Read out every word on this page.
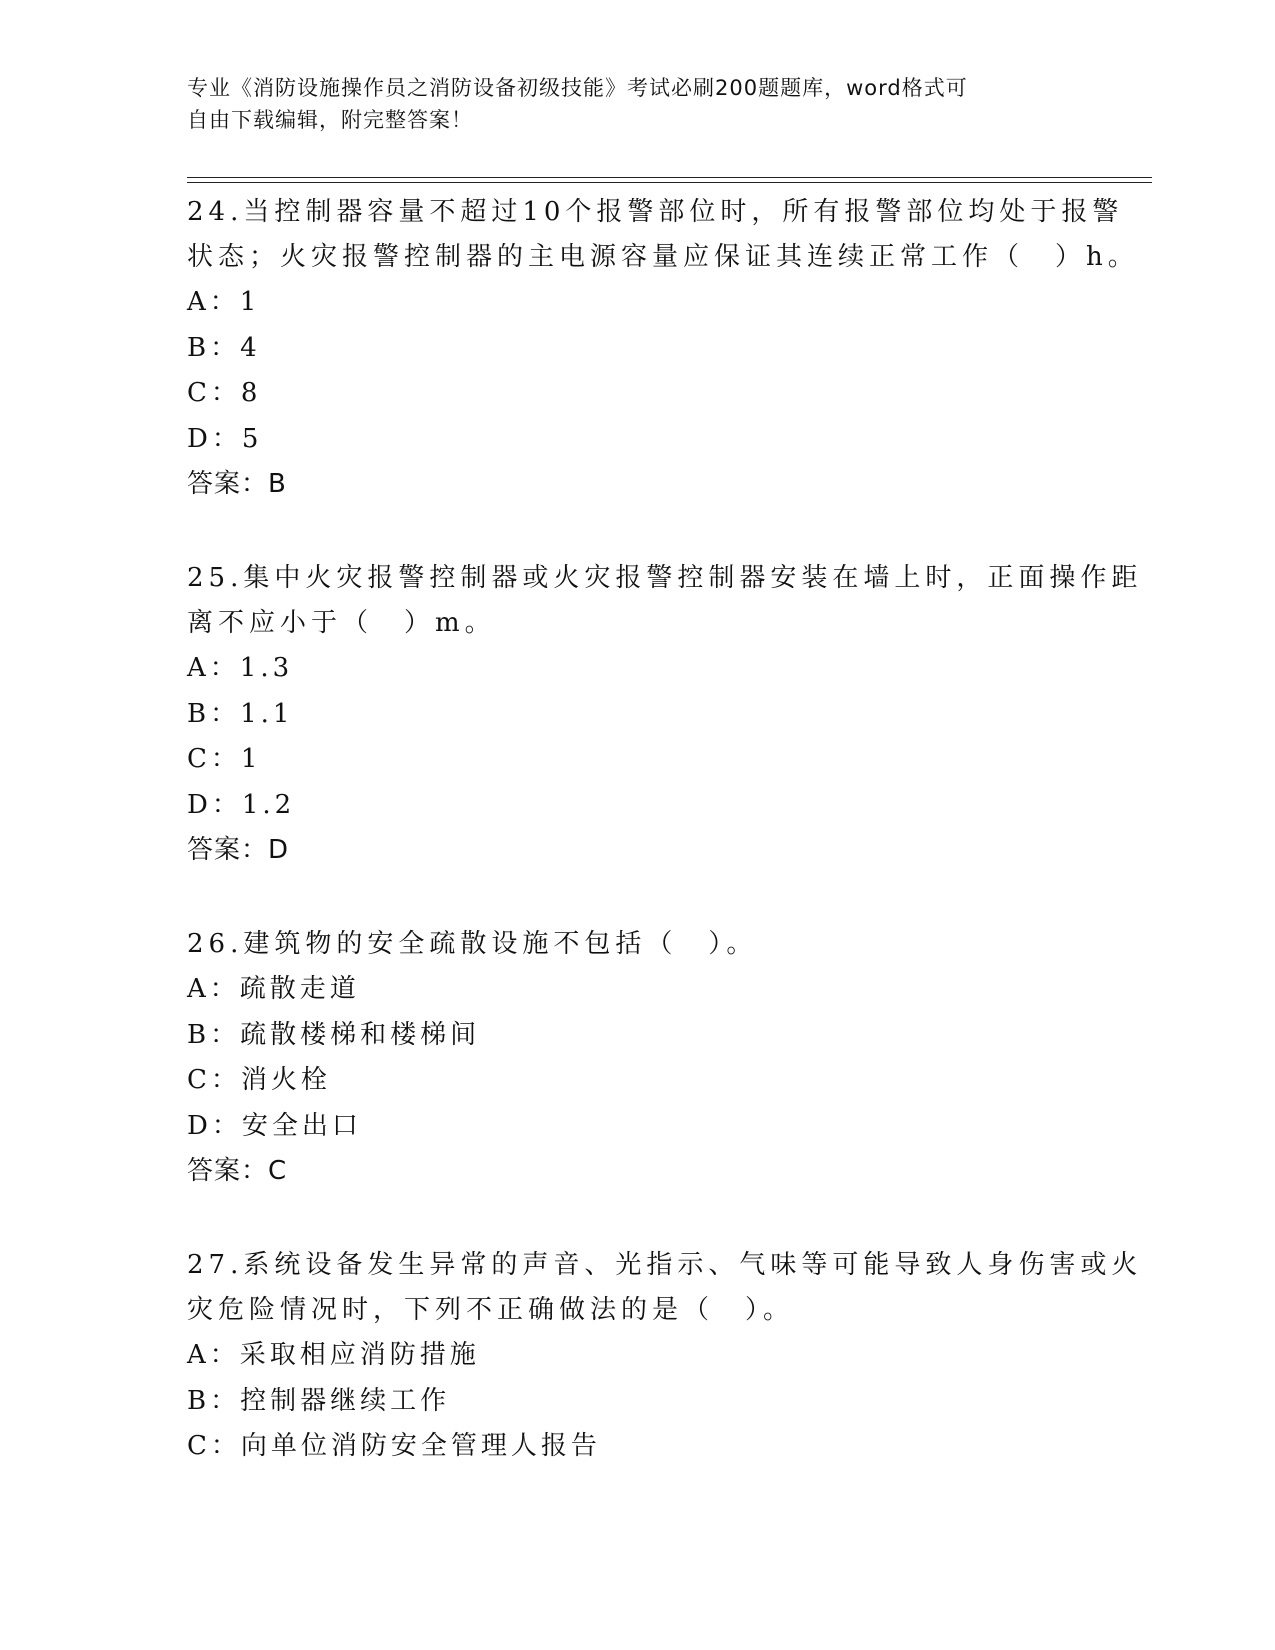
专业《消防设施操作员之消防设备初级技能》考试必刷200题题库，word格式可
自由下载编辑，附完整答案！
24.当控制器容量不超过10个报警部位时，所有报警部位均处于报警
状态；火灾报警控制器的主电源容量应保证其连续正常工作（　）h。
A：1
B：4
C：8
D：5
答案：B
25.集中火灾报警控制器或火灾报警控制器安装在墙上时，正面操作距
离不应小于（　）m。
A：1.3
B：1.1
C：1
D：1.2
答案：D
26.建筑物的安全疏散设施不包括（　）。
A：疏散走道
B：疏散楼梯和楼梯间
C：消火栓
D：安全出口
答案：C
27.系统设备发生异常的声音、光指示、气味等可能导致人身伤害或火
灾危险情况时，下列不正确做法的是（　）。
A：采取相应消防措施
B：控制器继续工作
C：向单位消防安全管理人报告
